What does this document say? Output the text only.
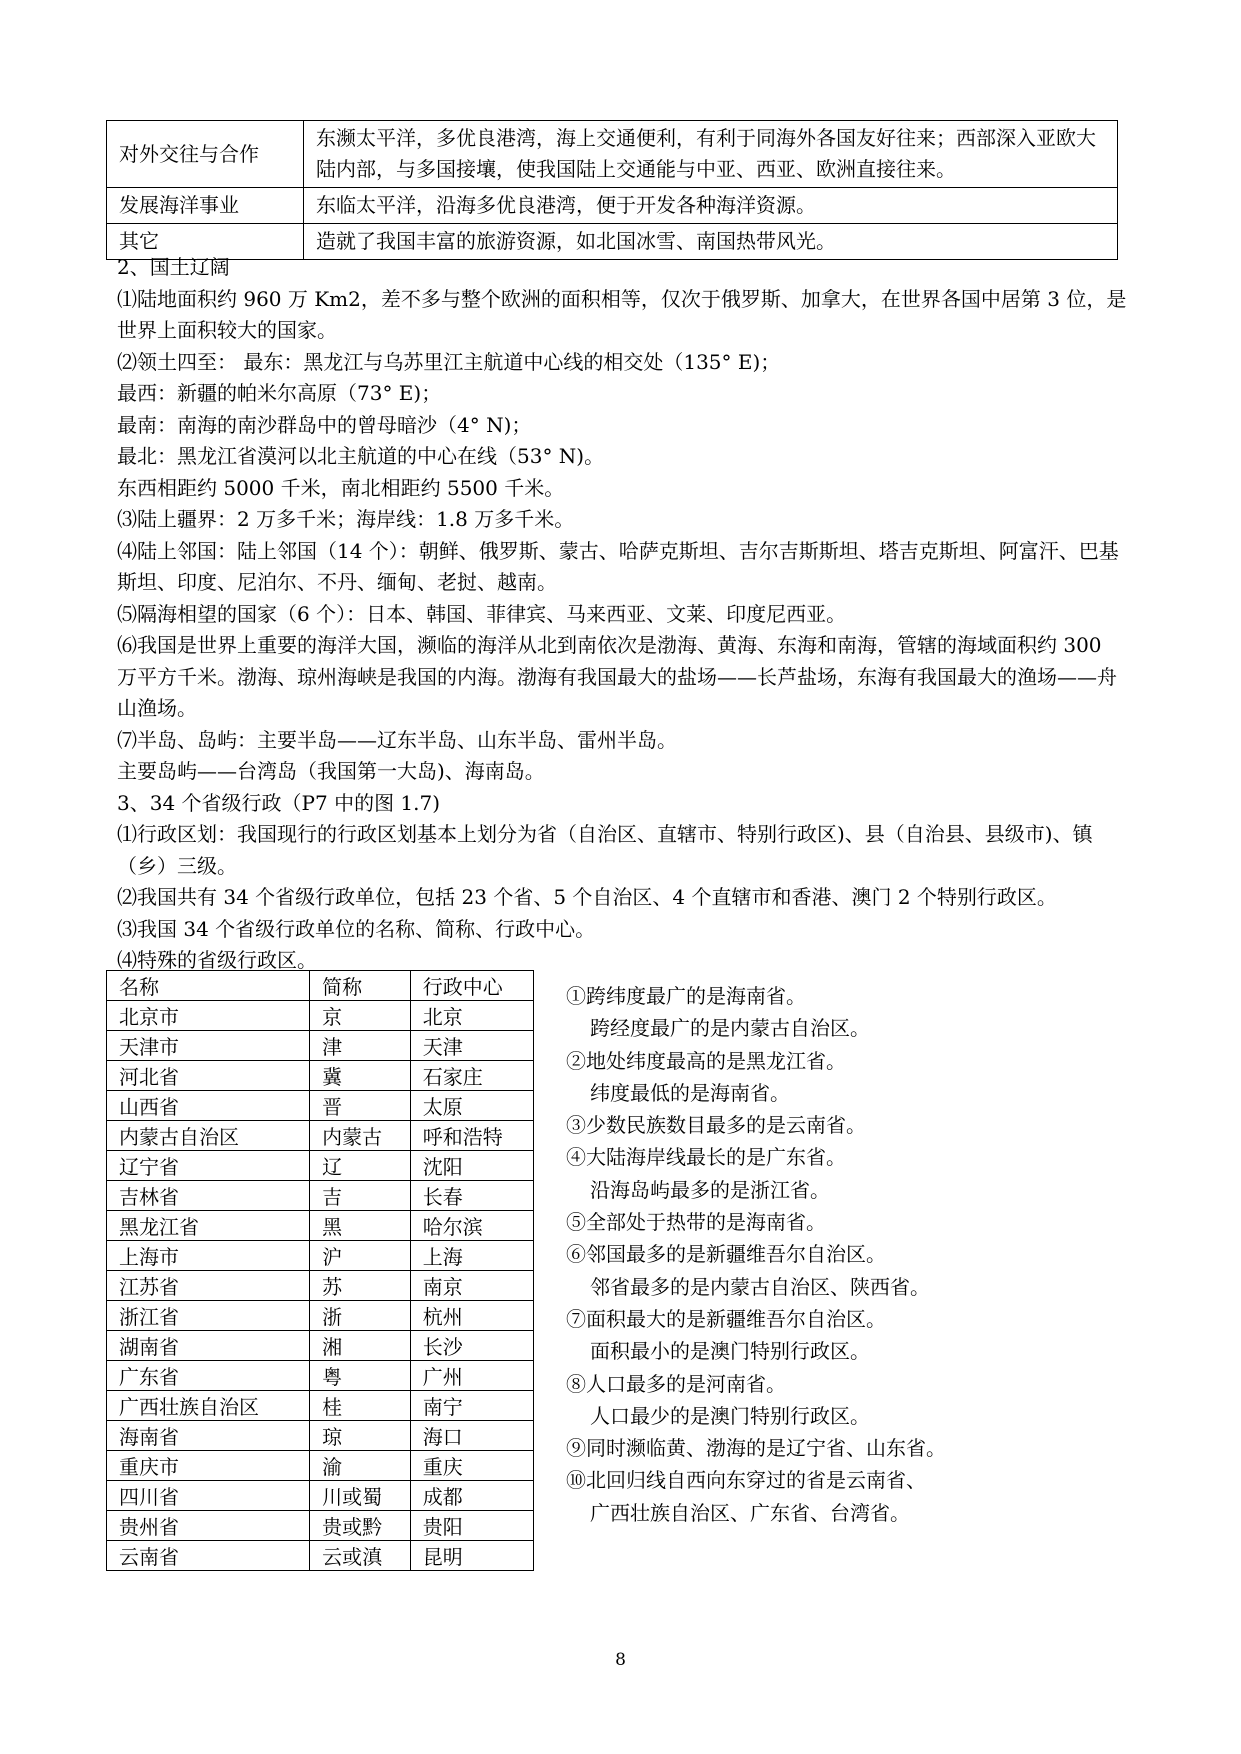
对外交往与合作	东濒太平洋，多优良港湾，海上交通便利，有利于同海外各国友好往来；西部深入亚欧大陆内部，与多国接壤，使我国陆上交通能与中亚、西亚、欧洲直接往来。
发展海洋事业	东临太平洋，沿海多优良港湾，便于开发各种海洋资源。
其它	造就了我国丰富的旅游资源，如北国冰雪、南国热带风光。

2、国土辽阔

⑴陆地面积约 960 万 Km2，差不多与整个欧洲的面积相等，仅次于俄罗斯、加拿大，在世界各国中居第 3 位，是世界上面积较大的国家。

⑵领土四至： 最东：黑龙江与乌苏里江主航道中心线的相交处（135° E)；

最西：新疆的帕米尔高原（73° E)；

最南：南海的南沙群岛中的曾母暗沙（4° N)；

最北：黑龙江省漠河以北主航道的中心在线（53° N)。

东西相距约 5000 千米，南北相距约 5500 千米。

⑶陆上疆界：2 万多千米；海岸线：1.8 万多千米。

⑷陆上邻国：陆上邻国（14 个）：朝鲜、俄罗斯、蒙古、哈萨克斯坦、吉尔吉斯斯坦、塔吉克斯坦、阿富汗、巴基斯坦、印度、尼泊尔、不丹、缅甸、老挝、越南。

⑸隔海相望的国家（6 个）：日本、韩国、菲律宾、马来西亚、文莱、印度尼西亚。

⑹我国是世界上重要的海洋大国，濒临的海洋从北到南依次是渤海、黄海、东海和南海，管辖的海域面积约 300 万平方千米。渤海、琼州海峡是我国的内海。渤海有我国最大的盐场——长芦盐场，东海有我国最大的渔场——舟山渔场。

⑺半岛、岛屿：主要半岛——辽东半岛、山东半岛、雷州半岛。

主要岛屿——台湾岛（我国第一大岛)、海南岛。

3、34 个省级行政（P7 中的图 1.7)

⑴行政区划：我国现行的行政区划基本上划分为省（自治区、直辖市、特别行政区)、县（自治县、县级市)、镇（乡）三级。

⑵我国共有 34 个省级行政单位，包括 23 个省、5 个自治区、4 个直辖市和香港、澳门 2 个特别行政区。

⑶我国 34 个省级行政单位的名称、简称、行政中心。

⑷特殊的省级行政区。

名称	简称	行政中心
北京市	京	北京
天津市	津	天津
河北省	冀	石家庄
山西省	晋	太原
内蒙古自治区	内蒙古	呼和浩特
辽宁省	辽	沈阳
吉林省	吉	长春
黑龙江省	黑	哈尔滨
上海市	沪	上海
江苏省	苏	南京
浙江省	浙	杭州
湖南省	湘	长沙
广东省	粤	广州
广西壮族自治区	桂	南宁
海南省	琼	海口
重庆市	渝	重庆
四川省	川或蜀	成都
贵州省	贵或黔	贵阳
云南省	云或滇	昆明

①跨纬度最广的是海南省。

跨经度最广的是内蒙古自治区。

②地处纬度最高的是黑龙江省。

纬度最低的是海南省。

③少数民族数目最多的是云南省。

④大陆海岸线最长的是广东省。

沿海岛屿最多的是浙江省。

⑤全部处于热带的是海南省。

⑥邻国最多的是新疆维吾尔自治区。

邻省最多的是内蒙古自治区、陕西省。

⑦面积最大的是新疆维吾尔自治区。

面积最小的是澳门特别行政区。

⑧人口最多的是河南省。

人口最少的是澳门特别行政区。

⑨同时濒临黄、渤海的是辽宁省、山东省。

⑩北回归线自西向东穿过的省是云南省、

广西壮族自治区、广东省、台湾省。

8
